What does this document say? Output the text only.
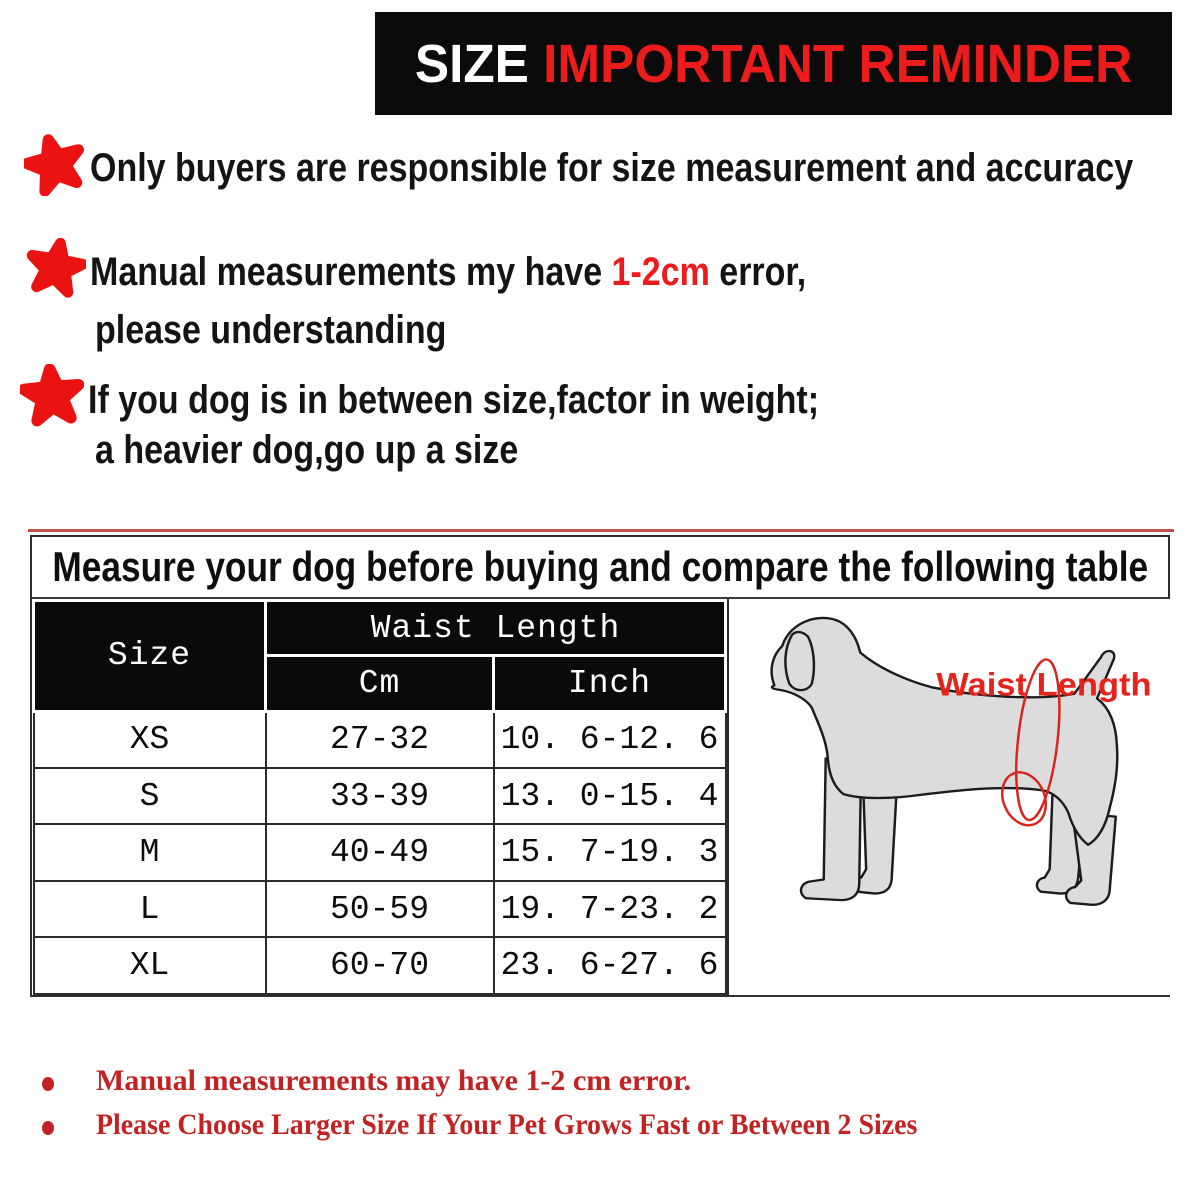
SIZE IMPORTANT REMINDER
Only buyers are responsible for size measurement and accuracy
Manual measurements my have 1-2cm error,
please understanding
If you dog is in between size,factor in weight;
a heavier dog,go up a size
Measure your dog before buying and compare the following table
Size	Waist Length	
	Cm	Inch
XS	27-32	10. 6-12. 6
S	33-39	13. 0-15. 4
M	40-49	15. 7-19. 3
L	50-59	19. 7-23. 2
XL	60-70	23. 6-27. 6
Waist Length
Manual measurements may have 1-2 cm error.
Please Choose Larger Size If Your Pet Grows Fast or Between 2 Sizes
